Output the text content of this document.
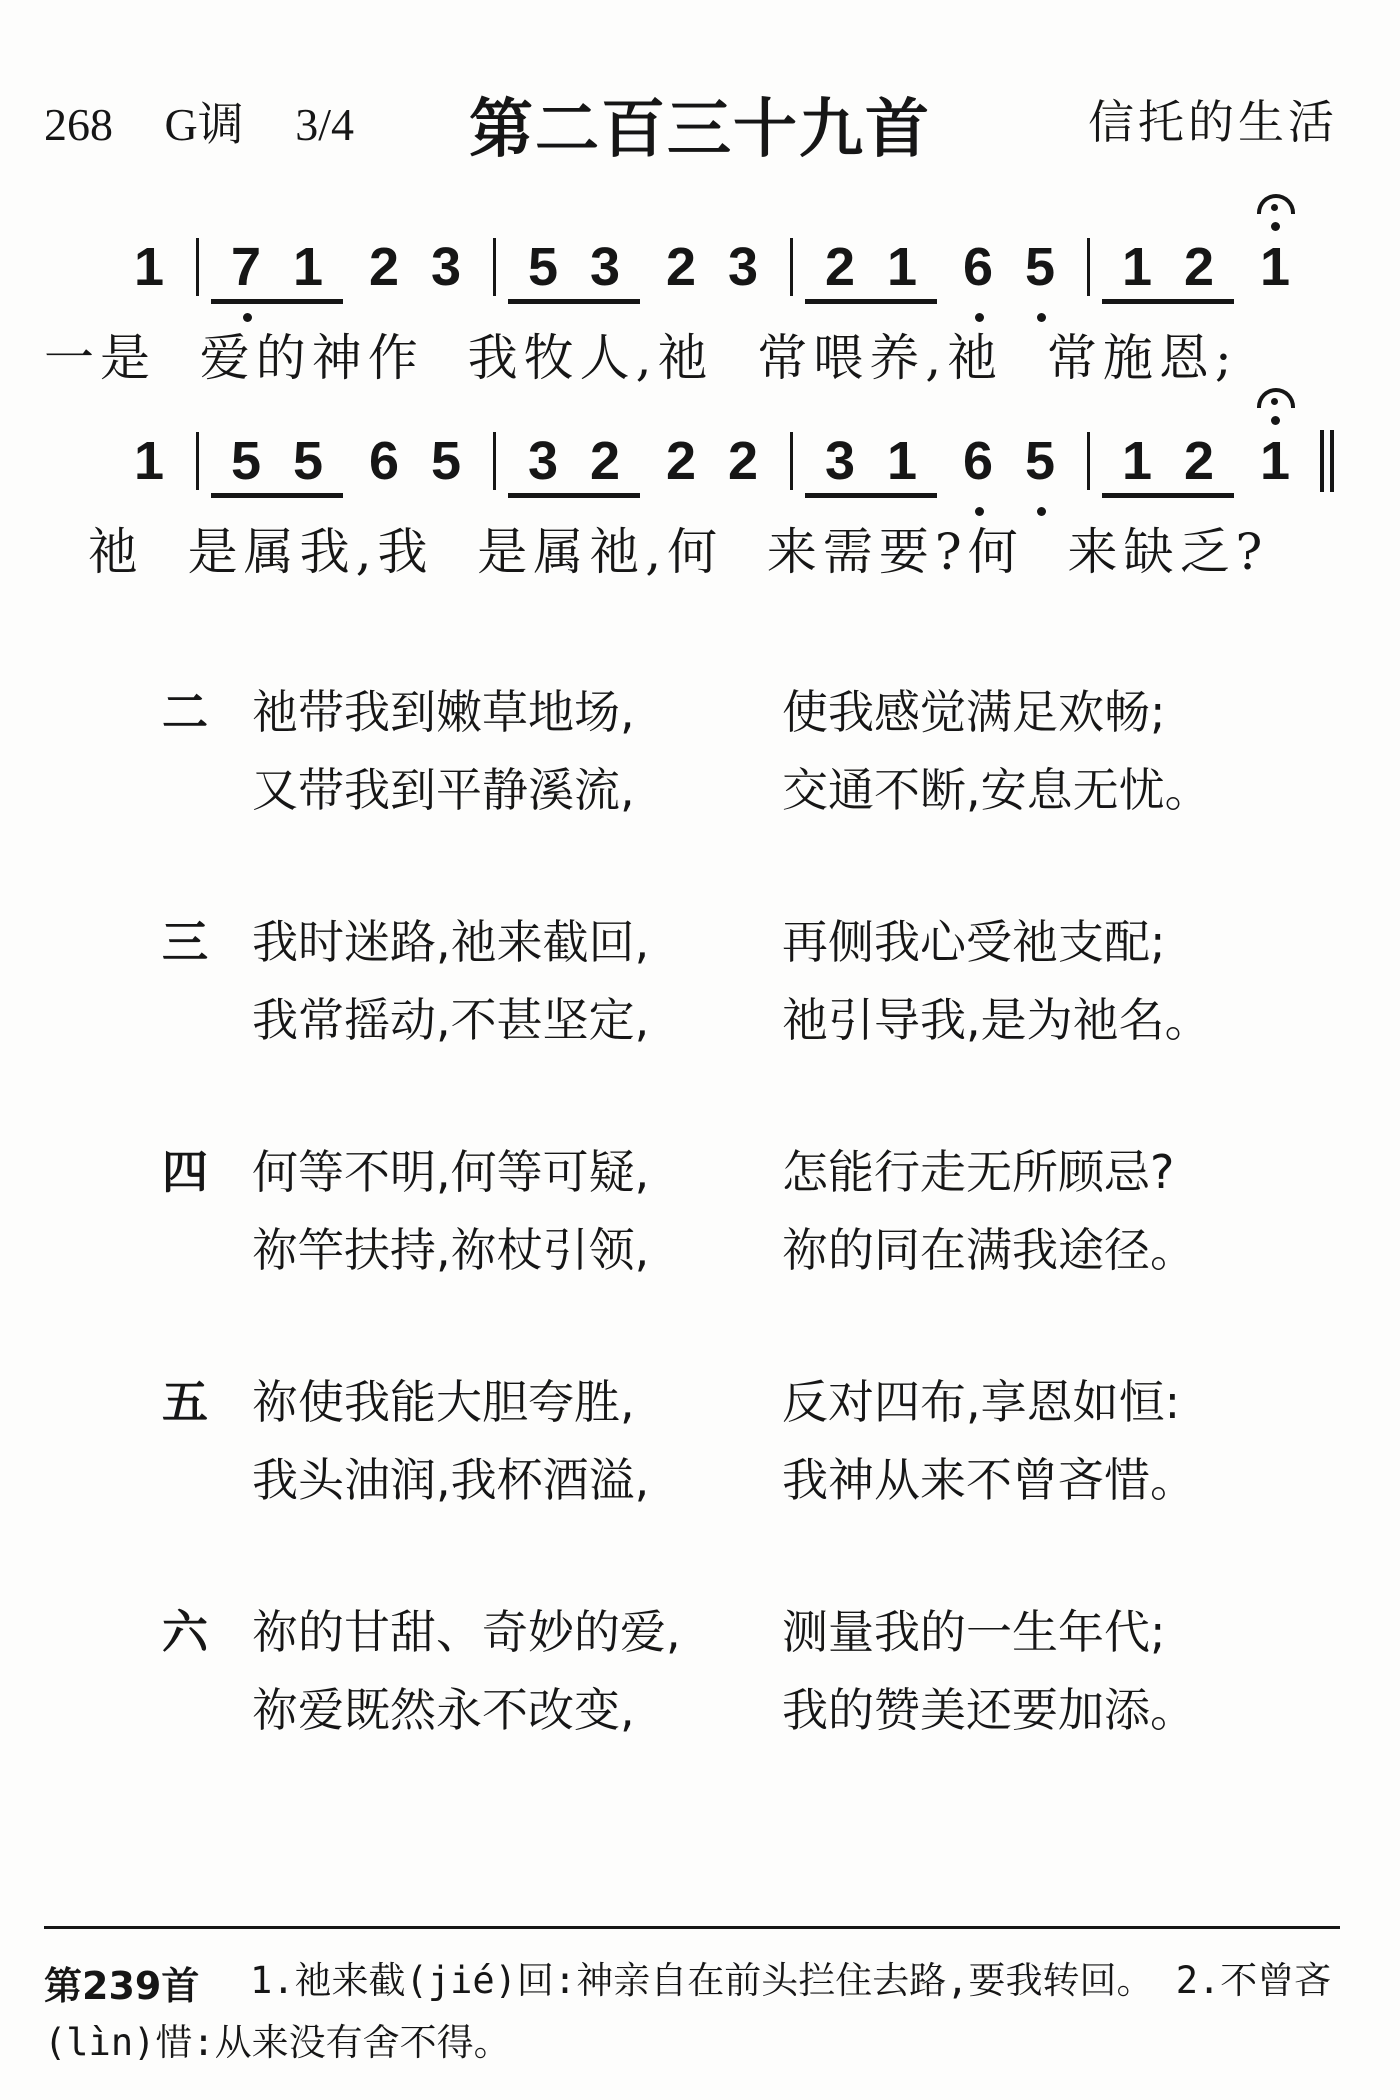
268 G调 3/4	第二百三十九首	信托的生活
1 7 1 2 3 5 3 2 3 2 1 6 5 1 2 1
一是  爱的神作  我牧人,祂  常喂养,祂  常施恩;
1 5 5 6 5 3 2 2 2 3 1 6 5 1 2 1
祂  是属我,我  是属祂,何  来需要?何  来缺乏?
二 祂带我到嫩草地场,	使我感觉满足欢畅;
又带我到平静溪流,	交通不断,安息无忧。
三 我时迷路,祂来截回,	再侧我心受祂支配;
我常摇动,不甚坚定,	祂引导我,是为祂名。
四 何等不明,何等可疑,	怎能行走无所顾忌?
祢竿扶持,祢杖引领,	祢的同在满我途径。
五 祢使我能大胆夸胜,	反对四布,享恩如恒:
我头油润,我杯酒溢,	我神从来不曾吝惜。
六 祢的甘甜、奇妙的爱, 测量我的一生年代;
祢爱既然永不改变,	我的赞美还要加添。
第239首	1.祂来截(jié)回:神亲自在前头拦住去路,要我转回。 2.不曾吝(lìn)惜:从来没有舍不得。
